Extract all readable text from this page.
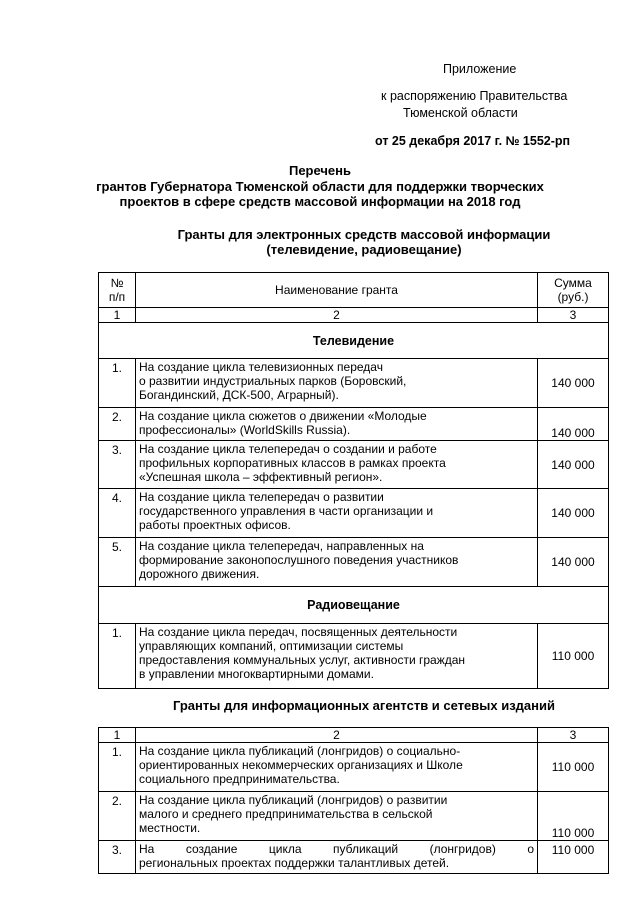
Приложение
к распоряжению Правительства
Тюменской области
от 25 декабря 2017 г. № 1552-рп
Перечень
грантов Губернатора Тюменской области для поддержки творческих
проектов в сфере средств массовой информации на 2018 год
Гранты для электронных средств массовой информации
(телевидение, радиовещание)
№
п/п	Наименование гранта	Сумма
(руб.)
1	2	3
Телевидение		
1.	На создание цикла телевизионных передач
о развитии индустриальных парков (Боровский,
Богандинский, ДСК-500, Аграрный).	140 000
2.	На создание цикла сюжетов о движении «Молодые
профессионалы» (WorldSkills Russia).	140 000
3.	На создание цикла телепередач о создании и работе
профильных корпоративных классов в рамках проекта
«Успешная школа – эффективный регион».	140 000
4.	На создание цикла телепередач о развитии
государственного управления в части организации и
работы проектных офисов.	140 000
5.	На создание цикла телепередач, направленных на
формирование законопослушного поведения участников
дорожного движения.	140 000
Радиовещание		
1.	На создание цикла передач, посвященных деятельности
управляющих компаний, оптимизации системы
предоставления коммунальных услуг, активности граждан
в управлении многоквартирными домами.	110 000
Гранты для информационных агентств и сетевых изданий
1	2	3
1.	На создание цикла публикаций (лонгридов) о социально-
ориентированных некоммерческих организациях и Школе
социального предпринимательства.	110 000
2.	На создание цикла публикаций (лонгридов) о развитии
малого и среднего предпринимательства в сельской
местности.	110 000
3.	На создание цикла публикаций (лонгридов) о
региональных проектах поддержки талантливых детей.	110 000
